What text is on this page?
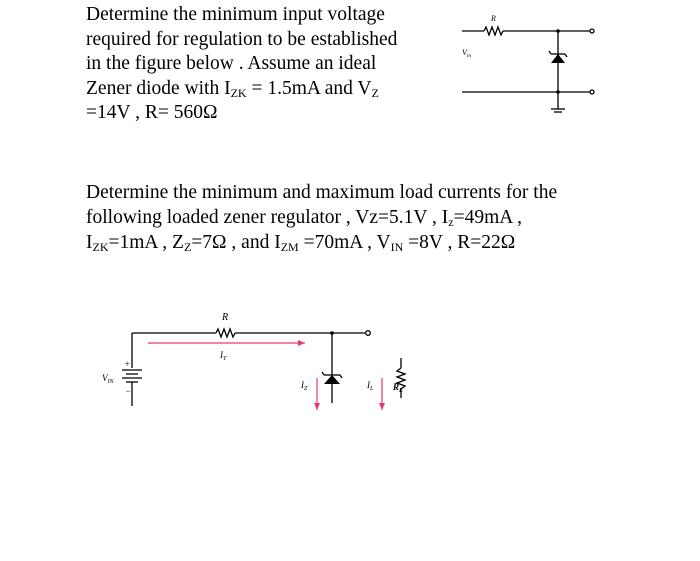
Determine the minimum input voltage
required for regulation to be established
in the figure below . Assume an ideal
Zener diode with $I_{ZK} = 1.5mA$ and $V_Z$
=14V , R= 560Ω
R
$V_{in}$
Determine the minimum and maximum load currents for the
following loaded zener regulator , Vz=5.1V , $I_z=49mA$ ,
$I_{ZK}=1mA$ , $Z_Z=7\Omega$ , and $I_{ZM} =70mA$ , $V_{IN} =8V$ , R=22Ω
R
$I_T$
$V_{IN}$
+
−
$I_Z$	$I_L$ $R_L$
